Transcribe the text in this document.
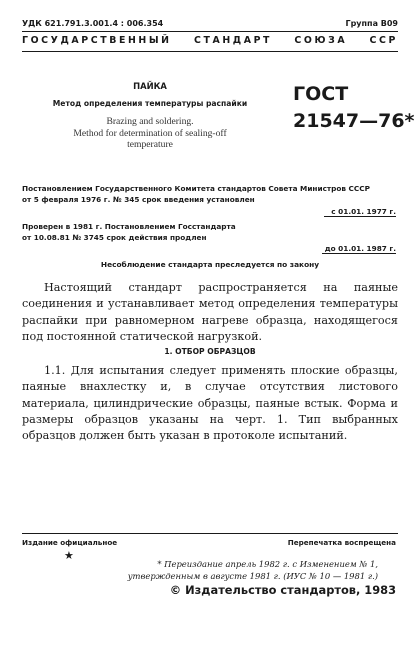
УДК 621.791.3.001.4 : 006.354	Группа В09
ГОСУДАРСТВЕННЫЙ СТАНДАРТ СОЮЗА ССР
ПАЙКА
Метод определения температуры распайки
Brazing and soldering.
Method for determination of sealing-off
temperature
ГОСТ
21547—76*
Постановлением Государственного Комитета стандартов Совета Министров СССР
от 5 февраля 1976 г. № 345 срок введения установлен
с 01.01. 1977 г.
Проверен в 1981 г. Постановлением Госстандарта
от 10.08.81 № 3745 срок действия продлен
до 01.01. 1987 г.
Несоблюдение стандарта преследуется по закону

Настоящий стандарт распространяется на паяные соединения и устанавливает метод определения температуры распайки при равномерном нагреве образца, находящегося под постоянной статической нагрузкой.

1. ОТБОР ОБРАЗЦОВ

1.1. Для испытания следует применять плоские образцы, паяные внахлестку и, в случае отсутствия листового материала, цилиндрические образцы, паяные встык. Форма и размеры образцов указаны на черт. 1. Тип выбранных образцов должен быть указан в протоколе испытаний.

Издание официальное	Перепечатка воспрещена
★
* Переиздание апрель 1982 г. с Изменением № 1,
утвержденным в августе 1981 г. (ИУС № 10 — 1981 г.)
© Издательство стандартов, 1983
